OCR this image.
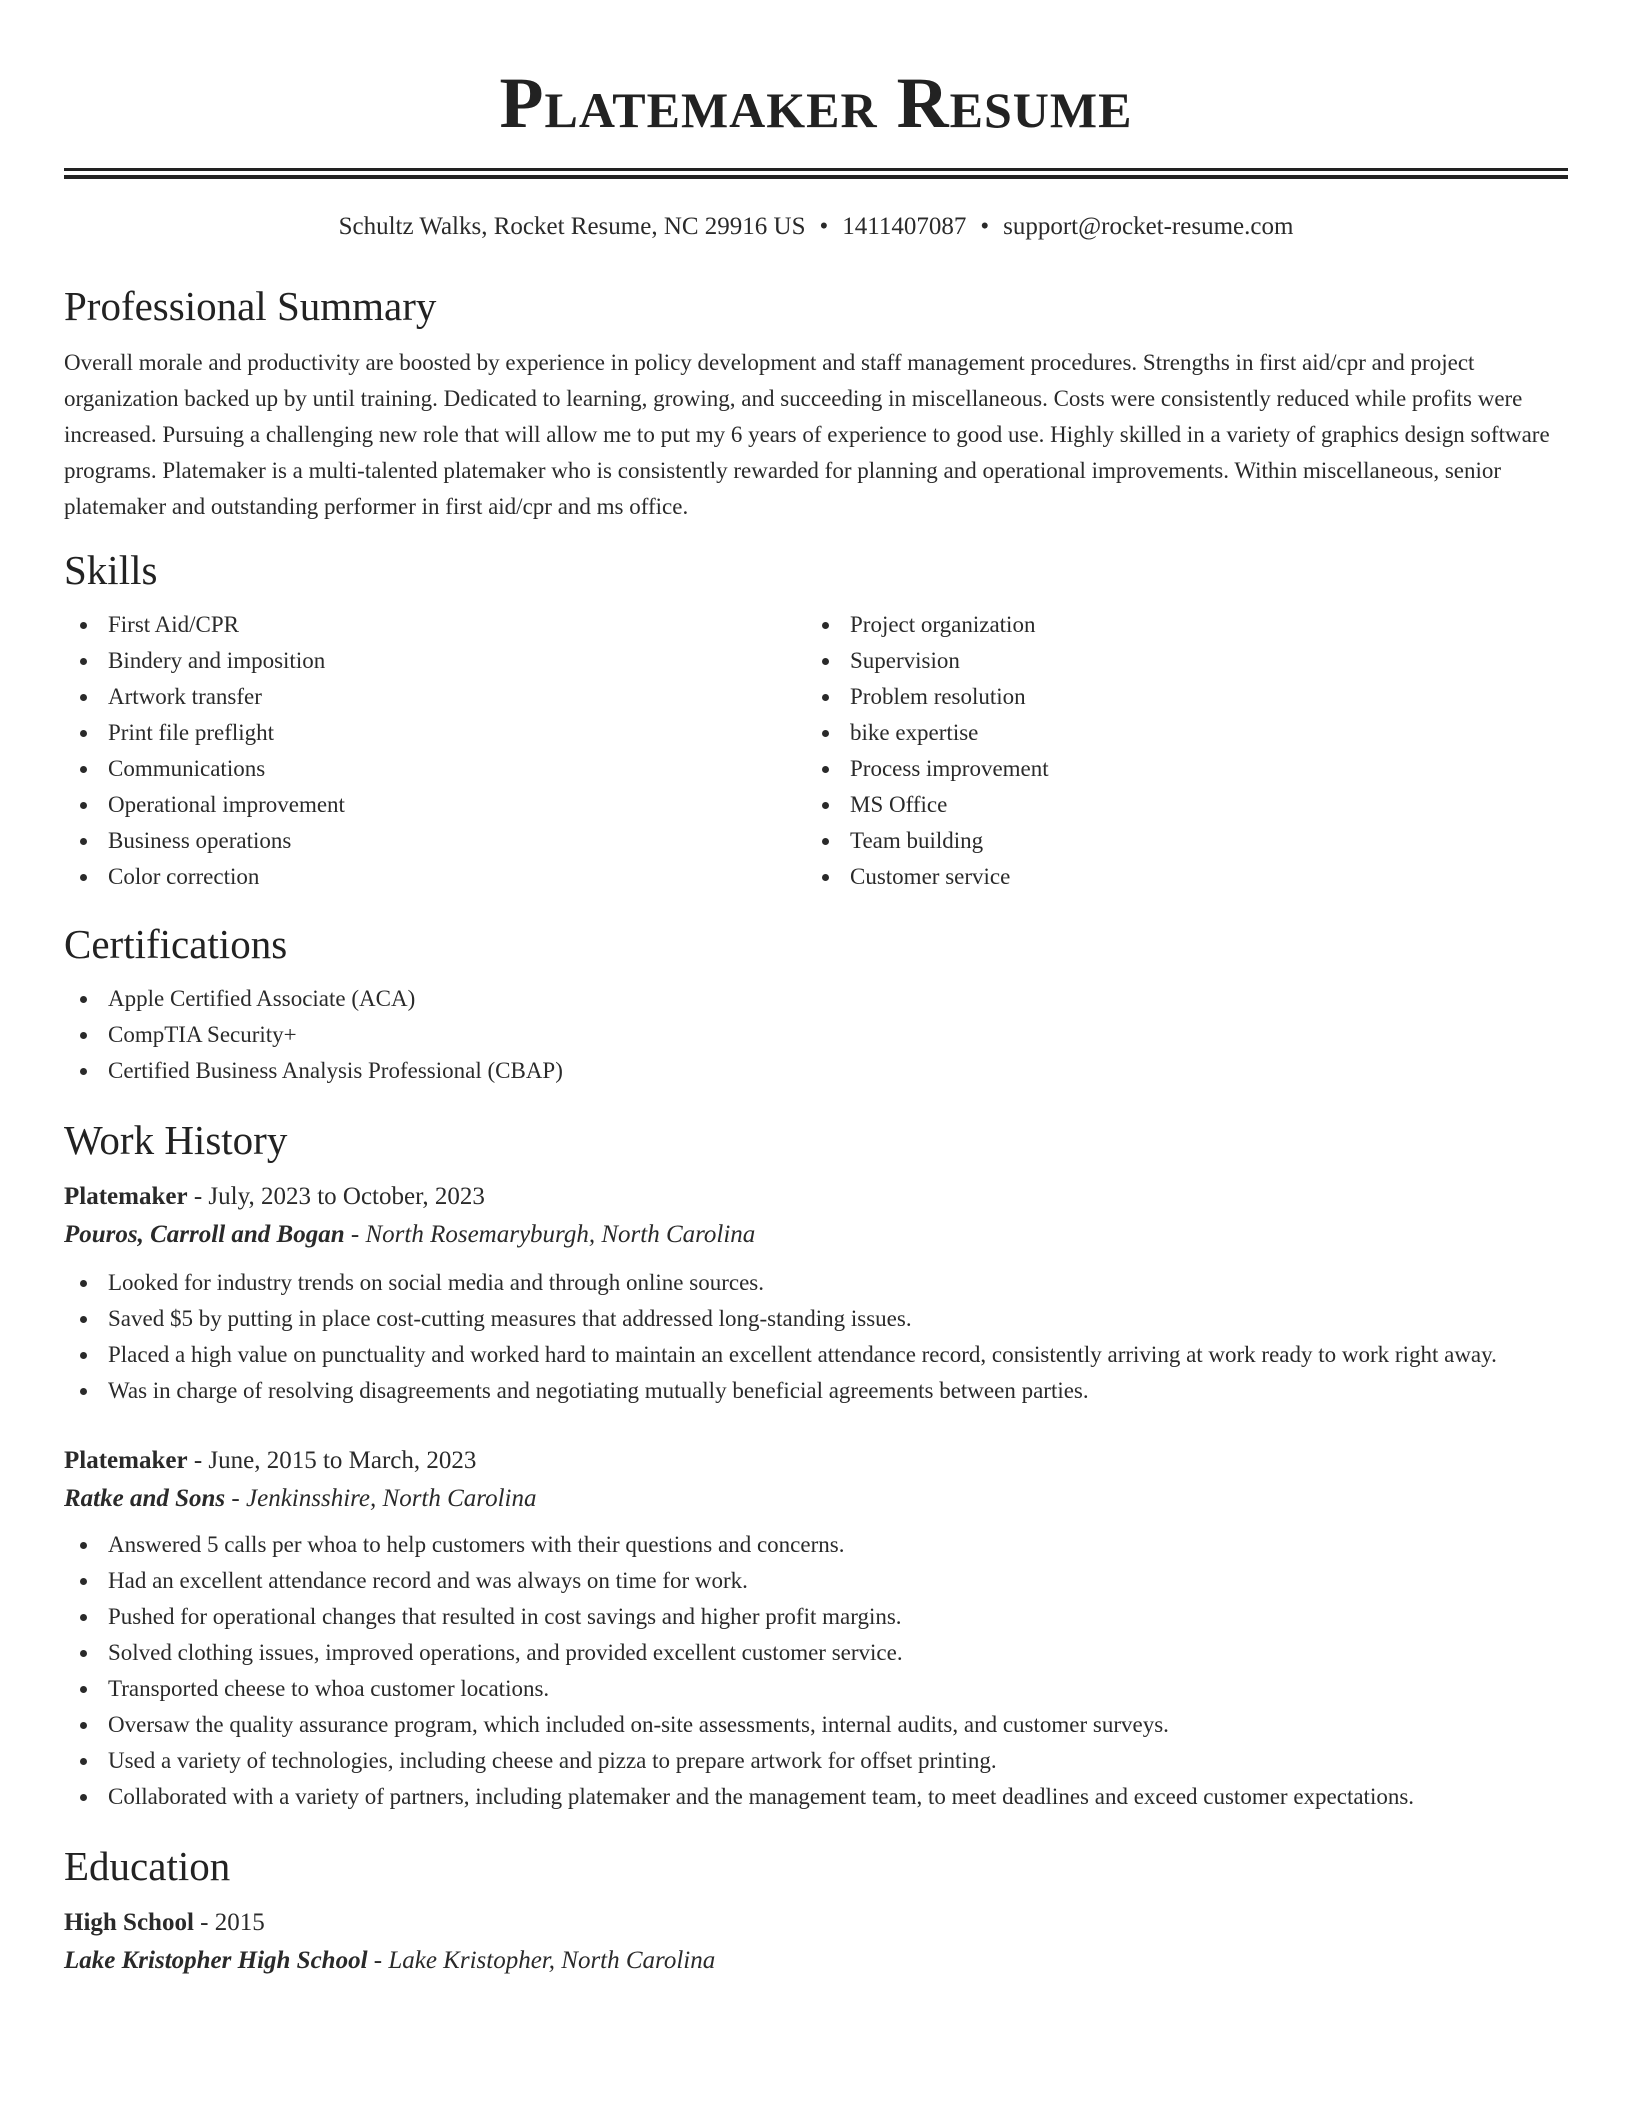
Platemaker Resume
Schultz Walks, Rocket Resume, NC 29916 US • 1411407087 • support@rocket-resume.com
Professional Summary

Overall morale and productivity are boosted by experience in policy development and staff management procedures. Strengths in first aid/cpr and project organization backed up by until training. Dedicated to learning, growing, and succeeding in miscellaneous. Costs were consistently reduced while profits were increased. Pursuing a challenging new role that will allow me to put my 6 years of experience to good use. Highly skilled in a variety of graphics design software programs. Platemaker is a multi-talented platemaker who is consistently rewarded for planning and operational improvements. Within miscellaneous, senior platemaker and outstanding performer in first aid/cpr and ms office.

Skills
First Aid/CPR
Bindery and imposition
Artwork transfer
Print file preflight
Communications
Operational improvement
Business operations
Color correction
Project organization
Supervision
Problem resolution
bike expertise
Process improvement
MS Office
Team building
Customer service
Certifications
Apple Certified Associate (ACA)
CompTIA Security+
Certified Business Analysis Professional (CBAP)
Work History
Platemaker - July, 2023 to October, 2023
Pouros, Carroll and Bogan - North Rosemaryburgh, North Carolina
Looked for industry trends on social media and through online sources.
Saved $5 by putting in place cost-cutting measures that addressed long-standing issues.
Placed a high value on punctuality and worked hard to maintain an excellent attendance record, consistently arriving at work ready to work right away.
Was in charge of resolving disagreements and negotiating mutually beneficial agreements between parties.
Platemaker - June, 2015 to March, 2023
Ratke and Sons - Jenkinsshire, North Carolina
Answered 5 calls per whoa to help customers with their questions and concerns.
Had an excellent attendance record and was always on time for work.
Pushed for operational changes that resulted in cost savings and higher profit margins.
Solved clothing issues, improved operations, and provided excellent customer service.
Transported cheese to whoa customer locations.
Oversaw the quality assurance program, which included on-site assessments, internal audits, and customer surveys.
Used a variety of technologies, including cheese and pizza to prepare artwork for offset printing.
Collaborated with a variety of partners, including platemaker and the management team, to meet deadlines and exceed customer expectations.
Education
High School - 2015
Lake Kristopher High School - Lake Kristopher, North Carolina
